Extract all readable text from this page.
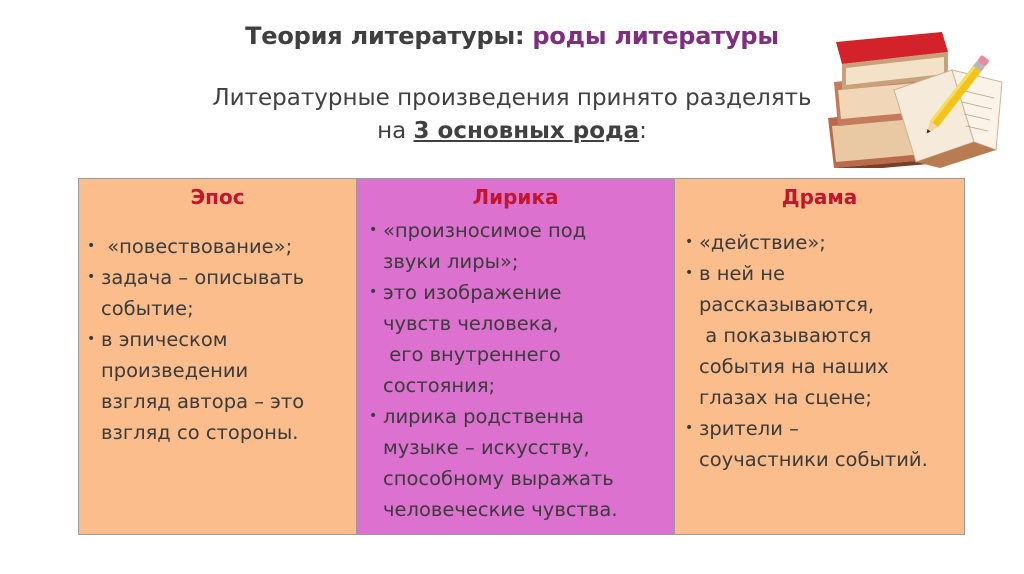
Теория литературы: роды литературы
Литературные произведения принято разделять
на 3 основных рода:
Эпос
• «повествование»;
• задача – описывать
событие;
• в эпическом
произведении
взгляд автора – это
взгляд со стороны.
Лирика
• «произносимое под
звуки лиры»;
• это изображение
чувств человека,
его внутреннего
состояния;
• лирика родственна
музыке – искусству,
способному выражать
человеческие чувства.
Драма
• «действие»;
• в ней не
рассказываются,
а показываются
события на наших
глазах на сцене;
• зрители –
соучастники событий.
